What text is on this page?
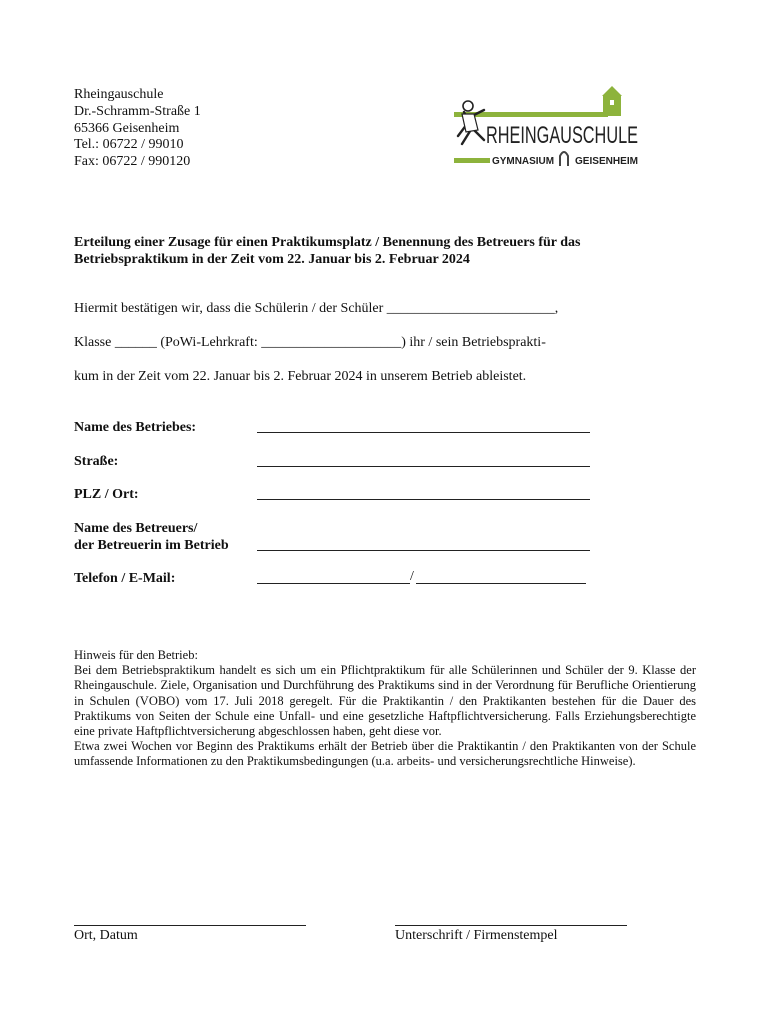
Rheingauschule
Dr.-Schramm-Straße 1
65366 Geisenheim
Tel.: 06722 / 99010
Fax: 06722 / 990120
RHEINGAUSCHULE
GYMNASIUM GEISENHEIM
Erteilung einer Zusage für einen Praktikumsplatz / Benennung des Betreuers für das Betriebspraktikum in der Zeit vom 22. Januar bis 2. Februar 2024
Hiermit bestätigen wir, dass die Schülerin / der Schüler ________________________,
Klasse ______ (PoWi-Lehrkraft: ____________________) ihr / sein Betriebsprakti-
kum in der Zeit vom 22. Januar bis 2. Februar 2024 in unserem Betrieb ableistet.
Name des Betriebes:
Straße:
PLZ / Ort:
Name des Betreuers/
der Betreuerin im Betrieb
Telefon / E-Mail:	/

Hinweis für den Betrieb:

Bei dem Betriebspraktikum handelt es sich um ein Pflichtpraktikum für alle Schülerinnen und Schüler der 9. Klasse der Rheingauschule. Ziele, Organisation und Durchführung des Praktikums sind in der Verordnung für Berufliche Orientierung in Schulen (VOBO) vom 17. Juli 2018 geregelt. Für die Praktikantin / den Praktikanten bestehen für die Dauer des Praktikums von Seiten der Schule eine Unfall- und eine gesetzliche Haftpflichtversicherung. Falls Erziehungsberechtigte eine private Haftpflichtversicherung abgeschlossen haben, geht diese vor.

Etwa zwei Wochen vor Beginn des Praktikums erhält der Betrieb über die Praktikantin / den Praktikanten von der Schule umfassende Informationen zu den Praktikumsbedingungen (u.a. arbeits- und versicherungsrechtliche Hinweise).

Ort, Datum	Unterschrift / Firmenstempel
